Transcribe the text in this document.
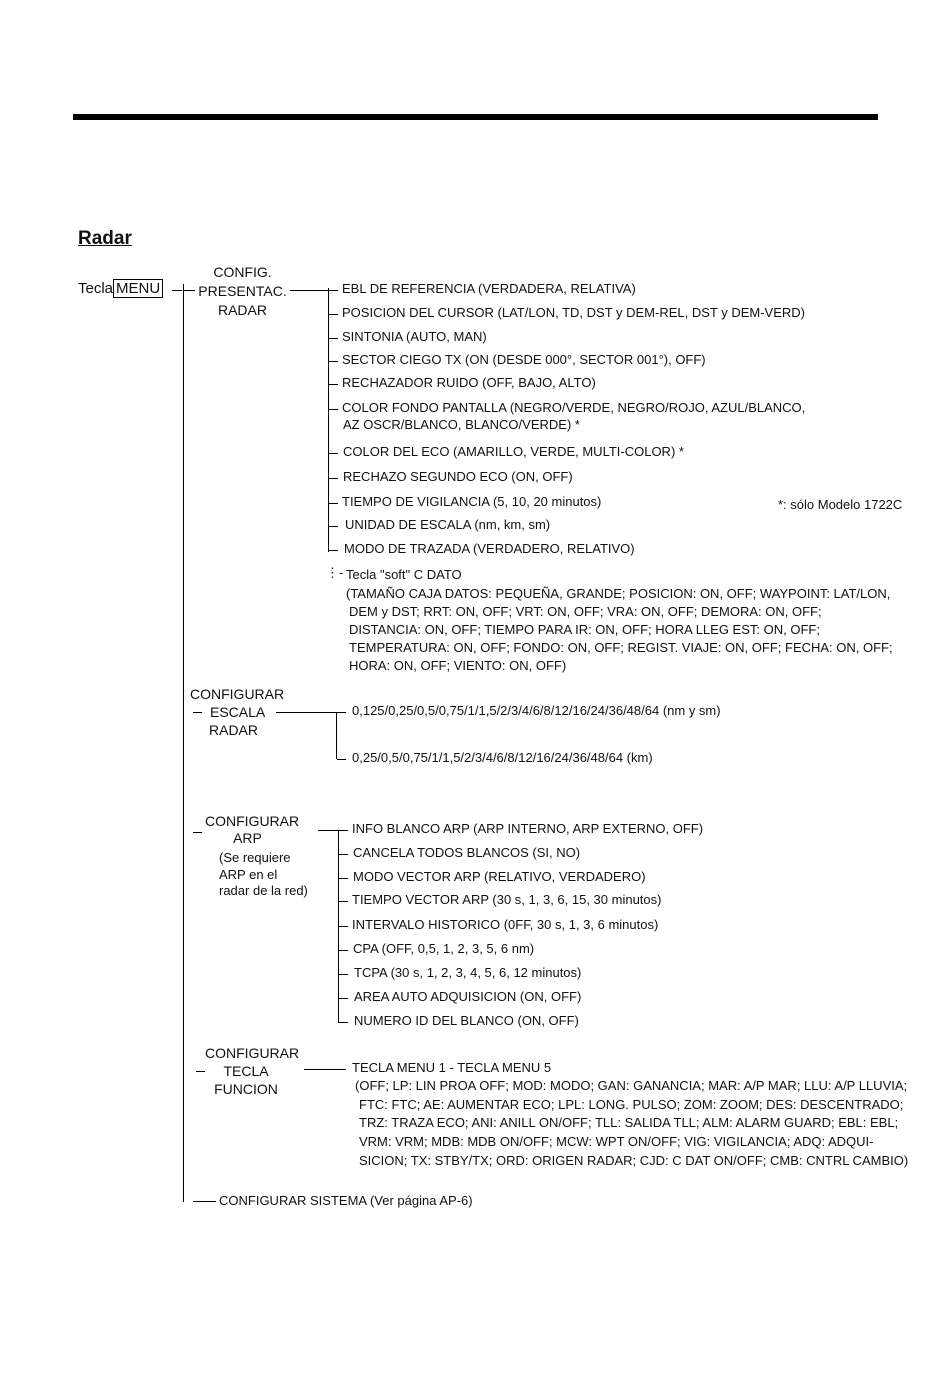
Radar
Tecla MENU
CONFIG.
PRESENTAC.
RADAR
EBL DE REFERENCIA (VERDADERA, RELATIVA)
POSICION DEL CURSOR (LAT/LON, TD, DST y DEM-REL, DST y DEM-VERD)
SINTONIA (AUTO, MAN)
SECTOR CIEGO TX (ON (DESDE 000°, SECTOR 001°), OFF)
RECHAZADOR RUIDO (OFF, BAJO, ALTO)
COLOR FONDO PANTALLA (NEGRO/VERDE, NEGRO/ROJO, AZUL/BLANCO,
AZ OSCR/BLANCO, BLANCO/VERDE) *
COLOR DEL ECO (AMARILLO, VERDE, MULTI-COLOR) *
RECHAZO SEGUNDO ECO (ON, OFF)
TIEMPO DE VIGILANCIA (5, 10, 20 minutos)
UNIDAD DE ESCALA (nm, km, sm)
MODO DE TRAZADA (VERDADERO, RELATIVO)
*: sólo Modelo 1722C
⋮- Tecla "soft" C DATO
(TAMAÑO CAJA DATOS: PEQUEÑA, GRANDE; POSICION: ON, OFF; WAYPOINT: LAT/LON,
DEM y DST; RRT: ON, OFF; VRT: ON, OFF; VRA: ON, OFF; DEMORA: ON, OFF;
DISTANCIA: ON, OFF; TIEMPO PARA IR: ON, OFF; HORA LLEG EST: ON, OFF;
TEMPERATURA: ON, OFF; FONDO: ON, OFF; REGIST. VIAJE: ON, OFF; FECHA: ON, OFF;
HORA: ON, OFF; VIENTO: ON, OFF)
CONFIGURAR
ESCALA
RADAR
0,125/0,25/0,5/0,75/1/1,5/2/3/4/6/8/12/16/24/36/48/64 (nm y sm)
0,25/0,5/0,75/1/1,5/2/3/4/6/8/12/16/24/36/48/64 (km)
CONFIGURAR
ARP
(Se requiere
ARP en el
radar de la red)
INFO BLANCO ARP (ARP INTERNO, ARP EXTERNO, OFF)
CANCELA TODOS BLANCOS (SI, NO)
MODO VECTOR ARP (RELATIVO, VERDADERO)
TIEMPO VECTOR ARP (30 s, 1, 3, 6, 15, 30 minutos)
INTERVALO HISTORICO (0FF, 30 s, 1, 3, 6 minutos)
CPA (OFF, 0,5, 1, 2, 3, 5, 6 nm)
TCPA (30 s, 1, 2, 3, 4, 5, 6, 12 minutos)
AREA AUTO ADQUISICION (ON, OFF)
NUMERO ID DEL BLANCO (ON, OFF)
CONFIGURAR
TECLA
FUNCION
TECLA MENU 1 - TECLA MENU 5
(OFF; LP: LIN PROA OFF; MOD: MODO; GAN: GANANCIA; MAR: A/P MAR; LLU: A/P LLUVIA;
FTC: FTC; AE: AUMENTAR ECO; LPL: LONG. PULSO; ZOM: ZOOM; DES: DESCENTRADO;
TRZ: TRAZA ECO; ANI: ANILL ON/OFF; TLL: SALIDA TLL; ALM: ALARM GUARD; EBL: EBL;
VRM: VRM; MDB: MDB ON/OFF; MCW: WPT ON/OFF; VIG: VIGILANCIA; ADQ: ADQUI-
SICION; TX: STBY/TX; ORD: ORIGEN RADAR; CJD: C DAT ON/OFF; CMB: CNTRL CAMBIO)
CONFIGURAR SISTEMA (Ver página AP-6)
